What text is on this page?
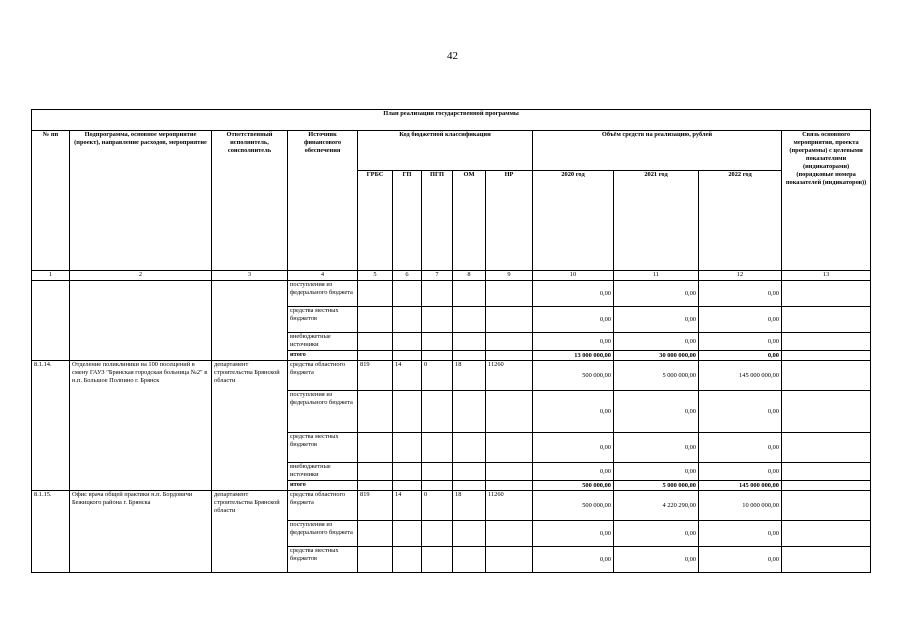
42
План реализации государственной программы												
№ пп	Подпрограмма, основное мероприятие (проект), направление расходов, мероприятие	Ответственный исполнитель, соисполнитель	Источник финансового обеспечения	Код бюджетной классификации					Объём средств на реализацию, рублей			Связь основного мероприятия, проекта (программы) с целевыми показателями (индикаторами) (порядковые номера показателей (индикаторов))
				ГРБС	ГП	ПГП	ОМ	НР	2020 год	2021 год	2022 год	
1	2	3	4	5	6	7	8	9	10	11	12	13
			поступления из федерального бюджета						0,00	0,00	0,00	
			средства местных бюджетов						0,00	0,00	0,00	
			внебюджетные источники						0,00	0,00	0,00	
			итого						13 000 000,00	30 000 000,00	0,00	
8.1.14.	Отделение поликлиники на 100 посещений в смену ГАУЗ "Брянская городская больница №2" в н.п. Большое Полпино г. Брянск	департамент строительства Брянской области	средства областного бюджета	819	14	0	18	11260	500 000,00	5 000 000,00	145 000 000,00	
			поступления из федерального бюджета						0,00	0,00	0,00	
			средства местных бюджетов						0,00	0,00	0,00	
			внебюджетные источники						0,00	0,00	0,00	
			итого						500 000,00	5 000 000,00	145 000 000,00	
8.1.15.	Офис врача общей практики н.п. Бордовичи Бежицкого района г. Брянска	департамент строительства Брянской области	средства областного бюджета	819	14	0	18	11260	500 000,00	4 220 290,00	10 000 000,00	
			поступления из федерального бюджета						0,00	0,00	0,00	
			средства местных бюджетов						0,00	0,00	0,00	
